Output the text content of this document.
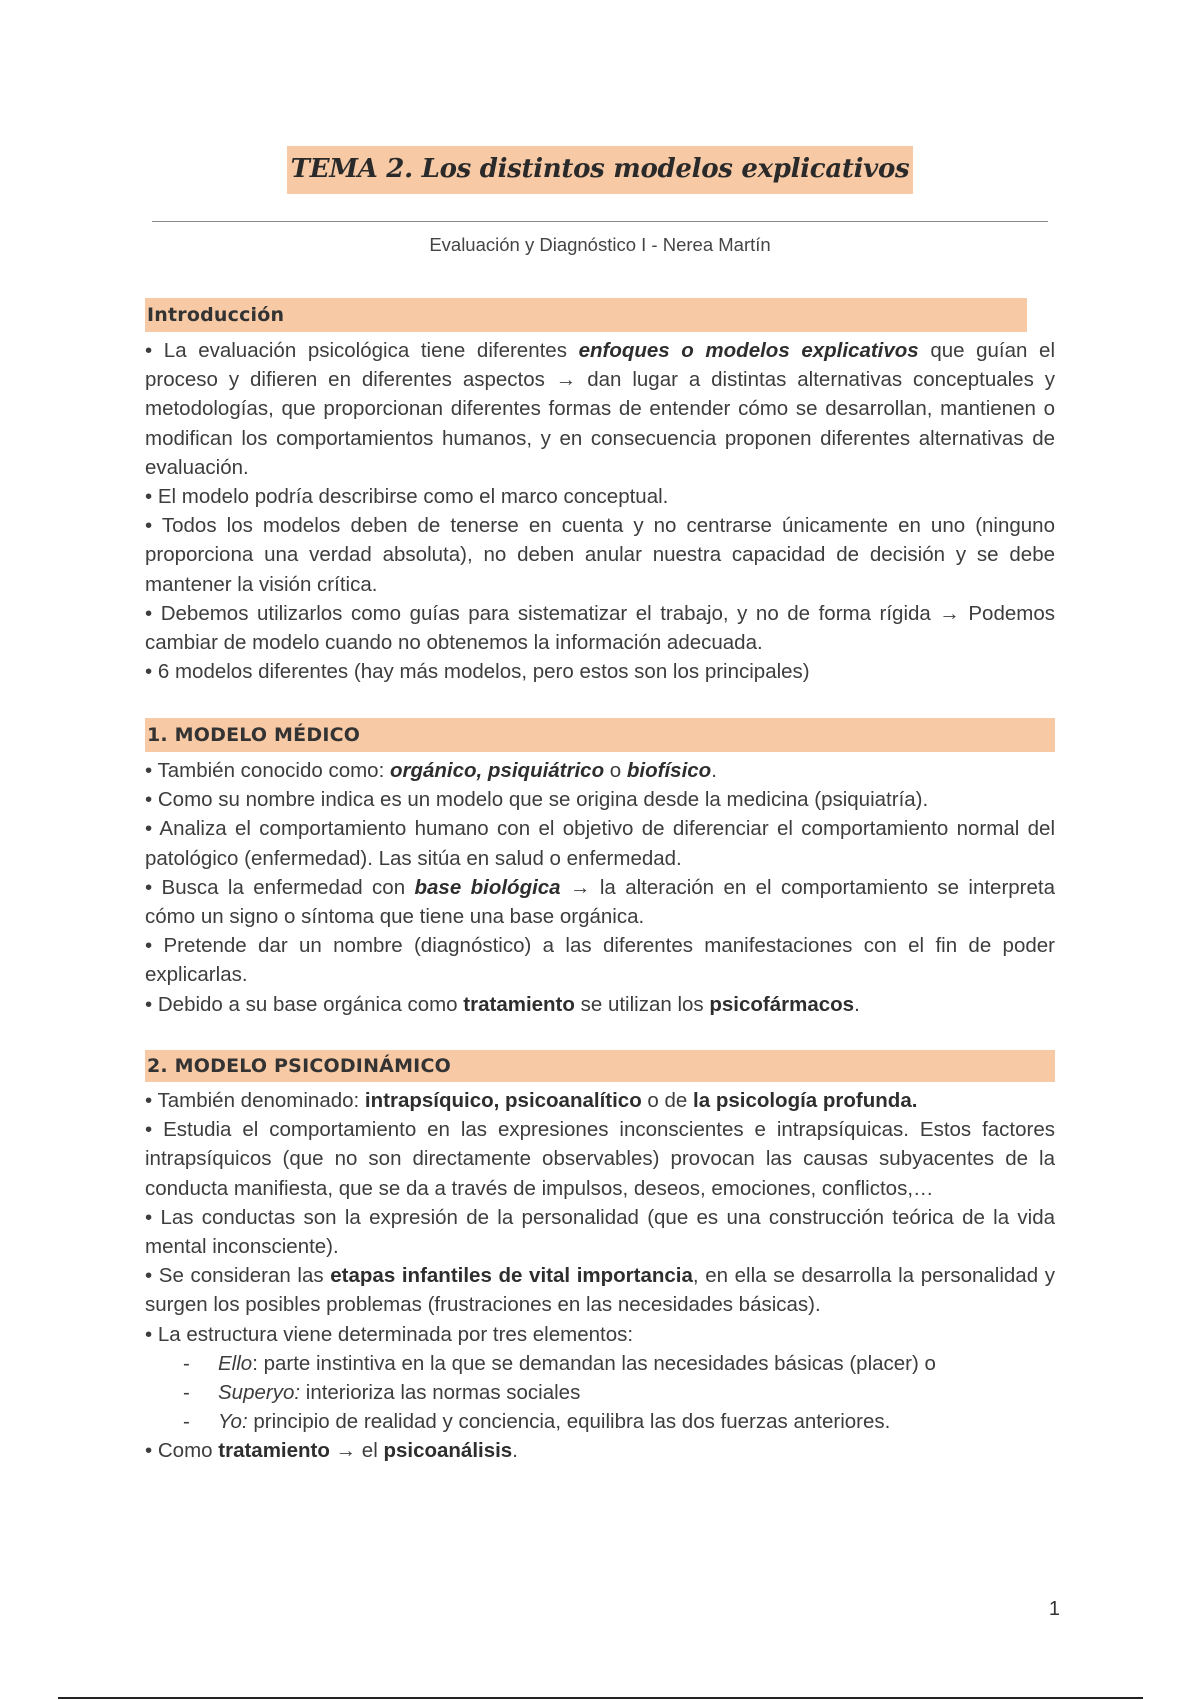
TEMA 2. Los distintos modelos explicativos
Evaluación y Diagnóstico I - Nerea Martín
Introducción

• La evaluación psicológica tiene diferentes enfoques o modelos explicativos que guían el proceso y difieren en diferentes aspectos → dan lugar a distintas alternativas conceptuales y metodologías, que proporcionan diferentes formas de entender cómo se desarrollan, mantienen o modifican los comportamientos humanos, y en consecuencia proponen diferentes alternativas de evaluación.

• El modelo podría describirse como el marco conceptual.

• Todos los modelos deben de tenerse en cuenta y no centrarse únicamente en uno (ninguno proporciona una verdad absoluta), no deben anular nuestra capacidad de decisión y se debe mantener la visión crítica.

• Debemos utilizarlos como guías para sistematizar el trabajo, y no de forma rígida → Podemos cambiar de modelo cuando no obtenemos la información adecuada.

• 6 modelos diferentes (hay más modelos, pero estos son los principales)

1. MODELO MÉDICO

• También conocido como: orgánico, psiquiátrico o biofísico.

• Como su nombre indica es un modelo que se origina desde la medicina (psiquiatría).

• Analiza el comportamiento humano con el objetivo de diferenciar el comportamiento normal del patológico (enfermedad). Las sitúa en salud o enfermedad.

• Busca la enfermedad con base biológica → la alteración en el comportamiento se interpreta cómo un signo o síntoma que tiene una base orgánica.

• Pretende dar un nombre (diagnóstico) a las diferentes manifestaciones con el fin de poder explicarlas.

• Debido a su base orgánica como tratamiento se utilizan los psicofármacos.

2. MODELO PSICODINÁMICO

• También denominado: intrapsíquico, psicoanalítico o de la psicología profunda.

• Estudia el comportamiento en las expresiones inconscientes e intrapsíquicas. Estos factores intrapsíquicos (que no son directamente observables) provocan las causas subyacentes de la conducta manifiesta, que se da a través de impulsos, deseos, emociones, conflictos,…

• Las conductas son la expresión de la personalidad (que es una construcción teórica de la vida mental inconsciente).

• Se consideran las etapas infantiles de vital importancia, en ella se desarrolla la personalidad y surgen los posibles problemas (frustraciones en las necesidades básicas).

• La estructura viene determinada por tres elementos:

- Ello: parte instintiva en la que se demandan las necesidades básicas (placer) o
- Superyo: interioriza las normas sociales
- Yo: principio de realidad y conciencia, equilibra las dos fuerzas anteriores.

• Como tratamiento → el psicoanálisis.

1
